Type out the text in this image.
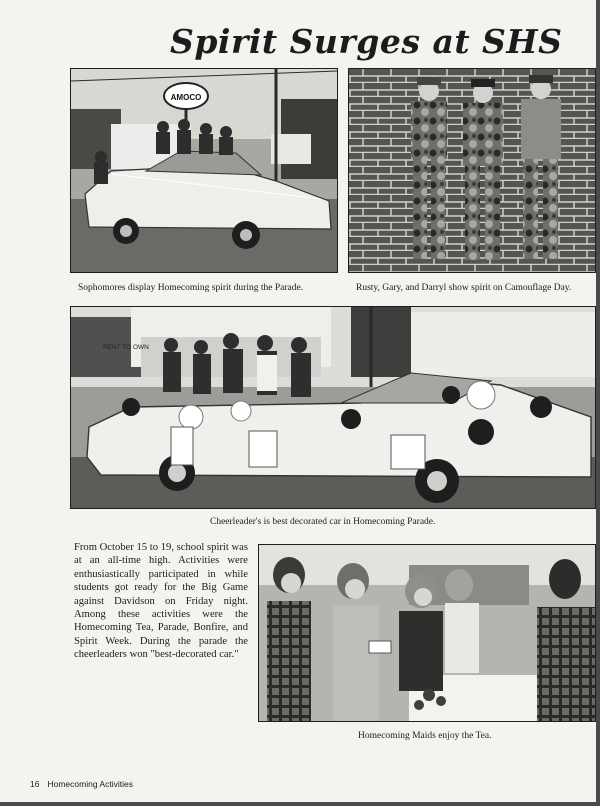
Spirit Surges at SHS
AMOCO
Sophomores display Homecoming spirit during the Parade.	Rusty, Gary, and Darryl show spirit on Camouflage Day.
RENT TO OWN
Cheerleader's is best decorated car in Homecoming Parade.
From October 15 to 19, school spirit was at an all-time high. Activities were enthusiastically participated in while students got ready for the Big Game against Davidson on Friday night. Among these activities were the Homecoming Tea, Parade, Bonfire, and Spirit Week. During the parade the cheerleaders won "best-decorated car."
Homecoming Maids enjoy the Tea.
16 Homecoming Activities
